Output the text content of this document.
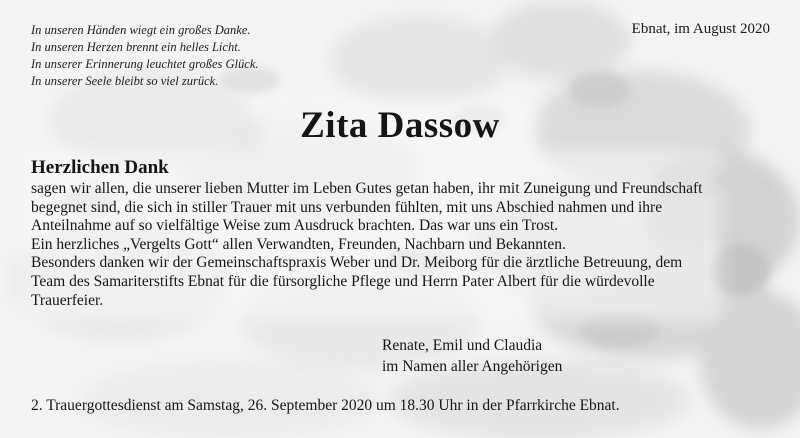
In unseren Händen wiegt ein großes Danke.
In unseren Herzen brennt ein helles Licht.
In unserer Erinnerung leuchtet großes Glück.
In unserer Seele bleibt so viel zurück.
Ebnat, im August 2020
Zita Dassow
Herzlichen Dank
sagen wir allen, die unserer lieben Mutter im Leben Gutes getan haben, ihr mit Zuneigung und Freundschaft
begegnet sind, die sich in stiller Trauer mit uns verbunden fühlten, mit uns Abschied nahmen und ihre
Anteilnahme auf so vielfältige Weise zum Ausdruck brachten. Das war uns ein Trost.
Ein herzliches „Vergelts Gott“ allen Verwandten, Freunden, Nachbarn und Bekannten.
Besonders danken wir der Gemeinschaftspraxis Weber und Dr. Meiborg für die ärztliche Betreuung, dem
Team des Samariterstifts Ebnat für die fürsorgliche Pflege und Herrn Pater Albert für die würdevolle
Trauerfeier.
Renate, Emil und Claudia
im Namen aller Angehörigen
2. Trauergottesdienst am Samstag, 26. September 2020 um 18.30 Uhr in der Pfarrkirche Ebnat.
